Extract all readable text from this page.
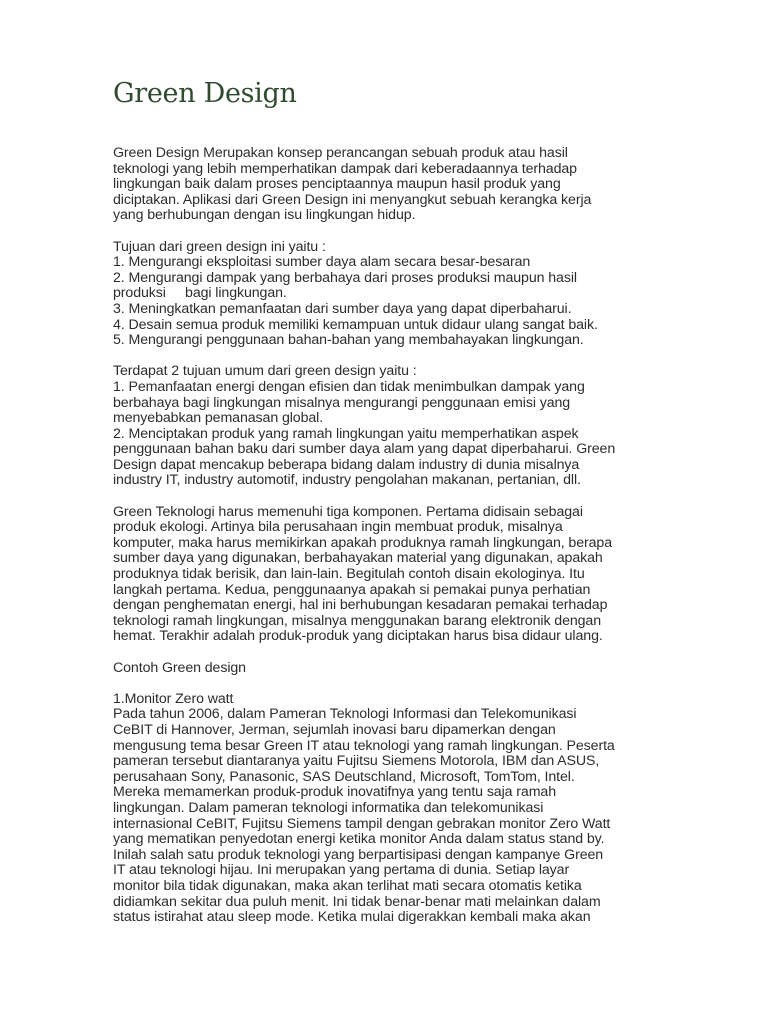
Green Design
Green Design Merupakan konsep perancangan sebuah produk atau hasil
teknologi yang lebih memperhatikan dampak dari keberadaannya terhadap
lingkungan baik dalam proses penciptaannya maupun hasil produk yang
diciptakan. Aplikasi dari Green Design ini menyangkut sebuah kerangka kerja
yang berhubungan dengan isu lingkungan hidup.
Tujuan dari green design ini yaitu :
1. Mengurangi eksploitasi sumber daya alam secara besar-besaran
2. Mengurangi dampak yang berbahaya dari proses produksi maupun hasil
produksi     bagi lingkungan.
3. Meningkatkan pemanfaatan dari sumber daya yang dapat diperbaharui.
4. Desain semua produk memiliki kemampuan untuk didaur ulang sangat baik.
5. Mengurangi penggunaan bahan-bahan yang membahayakan lingkungan.
Terdapat 2 tujuan umum dari green design yaitu :
1. Pemanfaatan energi dengan efisien dan tidak menimbulkan dampak yang
berbahaya bagi lingkungan misalnya mengurangi penggunaan emisi yang
menyebabkan pemanasan global.
2. Menciptakan produk yang ramah lingkungan yaitu memperhatikan aspek
penggunaan bahan baku dari sumber daya alam yang dapat diperbaharui. Green
Design dapat mencakup beberapa bidang dalam industry di dunia misalnya
industry IT, industry automotif, industry pengolahan makanan, pertanian, dll.
Green Teknologi harus memenuhi tiga komponen. Pertama didisain sebagai
produk ekologi. Artinya bila perusahaan ingin membuat produk, misalnya
komputer, maka harus memikirkan apakah produknya ramah lingkungan, berapa
sumber daya yang digunakan, berbahayakan material yang digunakan, apakah
produknya tidak berisik, dan lain-lain. Begitulah contoh disain ekologinya. Itu
langkah pertama. Kedua, penggunaanya apakah si pemakai punya perhatian
dengan penghematan energi, hal ini berhubungan kesadaran pemakai terhadap
teknologi ramah lingkungan, misalnya menggunakan barang elektronik dengan
hemat. Terakhir adalah produk-produk yang diciptakan harus bisa didaur ulang.
Contoh Green design
1.Monitor Zero watt
Pada tahun 2006, dalam Pameran Teknologi Informasi dan Telekomunikasi
CeBIT di Hannover, Jerman, sejumlah inovasi baru dipamerkan dengan
mengusung tema besar Green IT atau teknologi yang ramah lingkungan. Peserta
pameran tersebut diantaranya yaitu Fujitsu Siemens Motorola, IBM dan ASUS,
perusahaan Sony, Panasonic, SAS Deutschland, Microsoft, TomTom, Intel.
Mereka memamerkan produk-produk inovatifnya yang tentu saja ramah
lingkungan. Dalam pameran teknologi informatika dan telekomunikasi
internasional CeBIT, Fujitsu Siemens tampil dengan gebrakan monitor Zero Watt
yang mematikan penyedotan energi ketika monitor Anda dalam status stand by.
Inilah salah satu produk teknologi yang berpartisipasi dengan kampanye Green
IT atau teknologi hijau. Ini merupakan yang pertama di dunia. Setiap layar
monitor bila tidak digunakan, maka akan terlihat mati secara otomatis ketika
didiamkan sekitar dua puluh menit. Ini tidak benar-benar mati melainkan dalam
status istirahat atau sleep mode. Ketika mulai digerakkan kembali maka akan
